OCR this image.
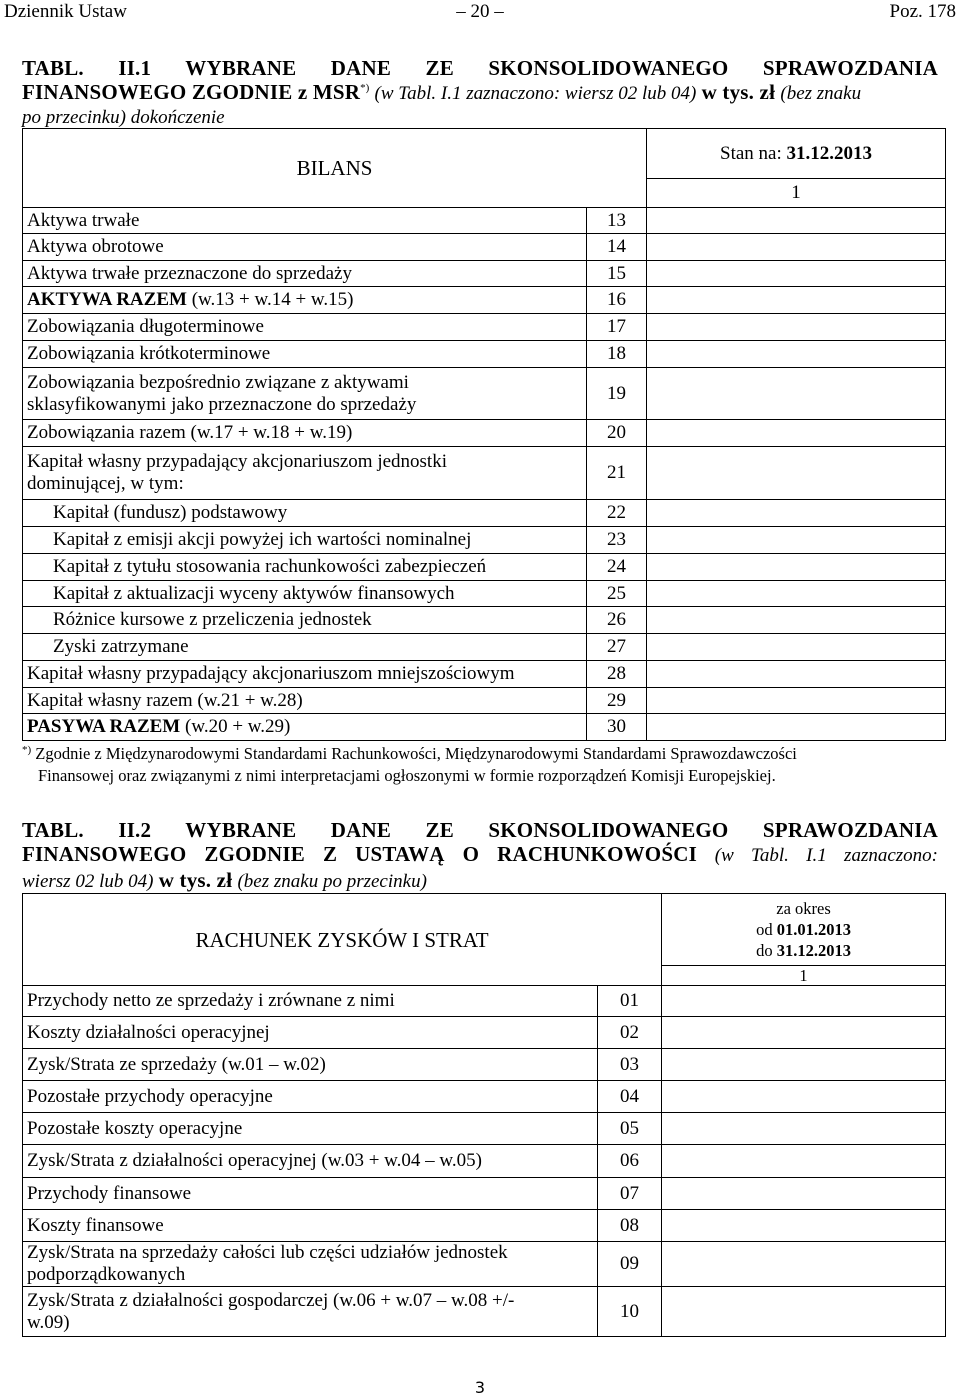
Dziennik Ustaw	– 20 –	Poz. 178
TABL. II.1 WYBRANE DANE ZE SKONSOLIDOWANEGO SPRAWOZDANIA
FINANSOWEGO ZGODNIE z MSR*) (w Tabl. I.1 zaznaczono: wiersz 02 lub 04) w tys. zł (bez znaku
po przecinku) dokończenie
BILANS		Stan na: 31.12.2013
		1
Aktywa trwałe	13	
Aktywa obrotowe	14	
Aktywa trwałe przeznaczone do sprzedaży	15	
AKTYWA RAZEM (w.13 + w.14 + w.15)	16	
Zobowiązania długoterminowe	17	
Zobowiązania krótkoterminowe	18	
Zobowiązania bezpośrednio związane z aktywami
sklasyfikowanymi jako przeznaczone do sprzedaży	19	
Zobowiązania razem (w.17 + w.18 + w.19)	20	
Kapitał własny przypadający akcjonariuszom jednostki
dominującej, w tym:	21	
Kapitał (fundusz) podstawowy	22	
Kapitał z emisji akcji powyżej ich wartości nominalnej	23	
Kapitał z tytułu stosowania rachunkowości zabezpieczeń	24	
Kapitał z aktualizacji wyceny aktywów finansowych	25	
Różnice kursowe z przeliczenia jednostek	26	
Zyski zatrzymane	27	
Kapitał własny przypadający akcjonariuszom mniejszościowym	28	
Kapitał własny razem (w.21 + w.28)	29	
PASYWA RAZEM (w.20 + w.29)	30	
*) Zgodnie z Międzynarodowymi Standardami Rachunkowości, Międzynarodowymi Standardami Sprawozdawczości
Finansowej oraz związanymi z nimi interpretacjami ogłoszonymi w formie rozporządzeń Komisji Europejskiej.
TABL. II.2 WYBRANE DANE ZE SKONSOLIDOWANEGO SPRAWOZDANIA
FINANSOWEGO ZGODNIE Z USTAWĄ O RACHUNKOWOŚCI (w Tabl. I.1 zaznaczono:
wiersz 02 lub 04) w tys. zł (bez znaku po przecinku)
RACHUNEK ZYSKÓW I STRAT		za okres
od 01.01.2013
do 31.12.2013

		1
Przychody netto ze sprzedaży i zrównane z nimi	01	
Koszty działalności operacyjnej	02	
Zysk/Strata ze sprzedaży (w.01 – w.02)	03	
Pozostałe przychody operacyjne	04	
Pozostałe koszty operacyjne	05	
Zysk/Strata z działalności operacyjnej (w.03 + w.04 – w.05)	06	
Przychody finansowe	07	
Koszty finansowe	08	
Zysk/Strata na sprzedaży całości lub części udziałów jednostek
podporządkowanych	09	
Zysk/Strata z działalności gospodarczej (w.06 + w.07 – w.08 +/-
w.09)	10	
3
